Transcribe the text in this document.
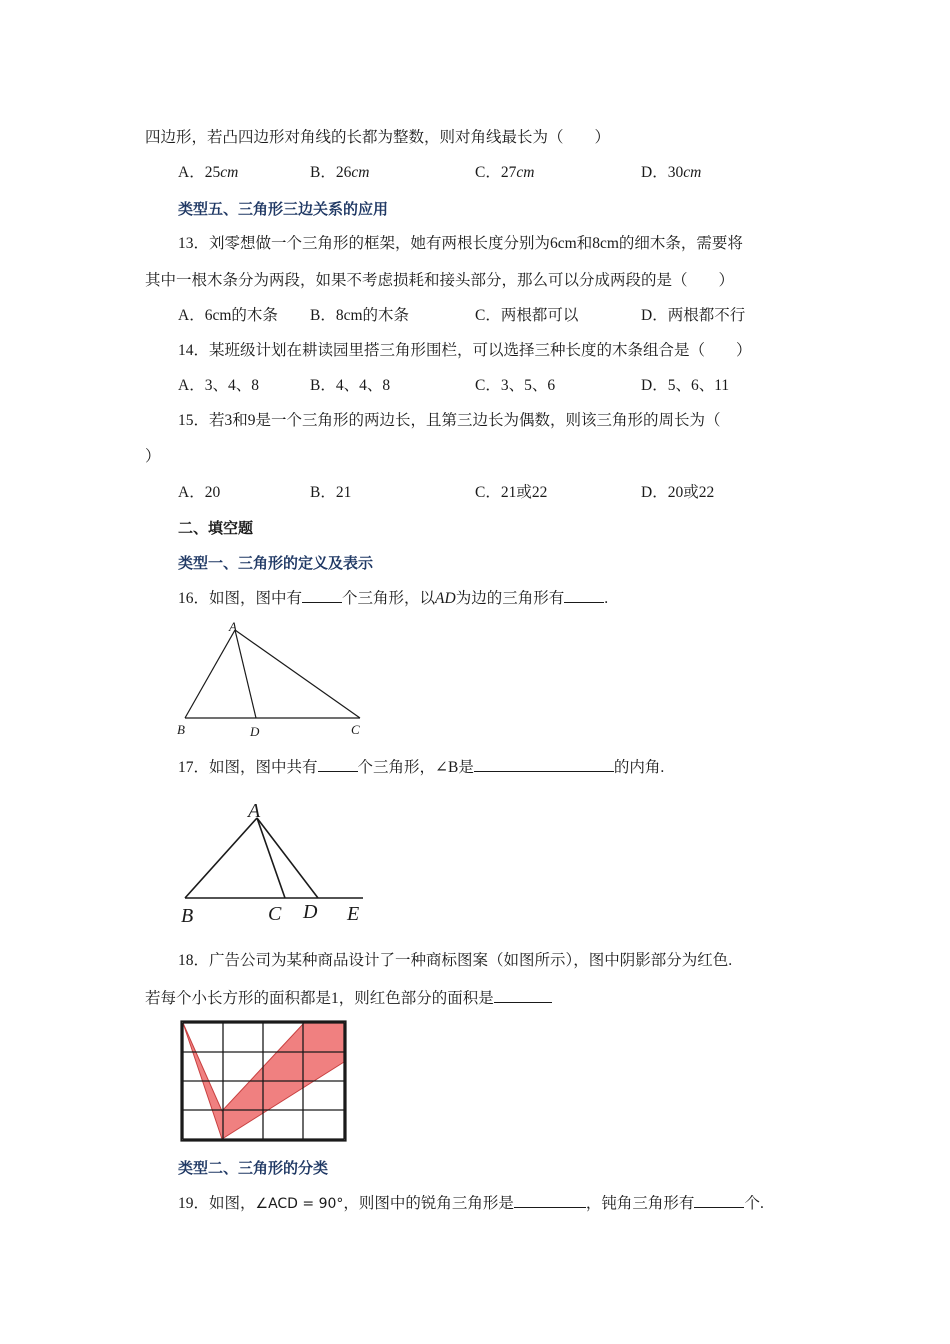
四边形，若凸四边形对角线的长都为整数，则对角线最长为（　　）
A．25cm	B．26cm	C．27cm	D．30cm
类型五、三角形三边关系的应用
13．刘零想做一个三角形的框架，她有两根长度分别为6cm和8cm的细木条，需要将
其中一根木条分为两段，如果不考虑损耗和接头部分，那么可以分成两段的是（　　）
A．6cm的木条 B．8cm的木条	C．两根都可以	D．两根都不行
14．某班级计划在耕读园里搭三角形围栏，可以选择三种长度的木条组合是（　　）
A．3、4、8	B．4、4、8	C．3、5、6	D．5、6、11
15．若3和9是一个三角形的两边长，且第三边长为偶数，则该三角形的周长为（
）
A．20	B．21	C．21或22	D．20或22
二、填空题
类型一、三角形的定义及表示
16．如图，图中有	个三角形，以AD为边的三角形有	.
A
B	D	C
17．如图，图中共有	个三角形，∠B是	的内角.
A
B	C D E
18．广告公司为某种商品设计了一种商标图案（如图所示），图中阴影部分为红色.
若每个小长方形的面积都是1，则红色部分的面积是
类型二、三角形的分类
19．如图，∠ACD = 90°，则图中的锐角三角形是	，钝角三角形有	个.
